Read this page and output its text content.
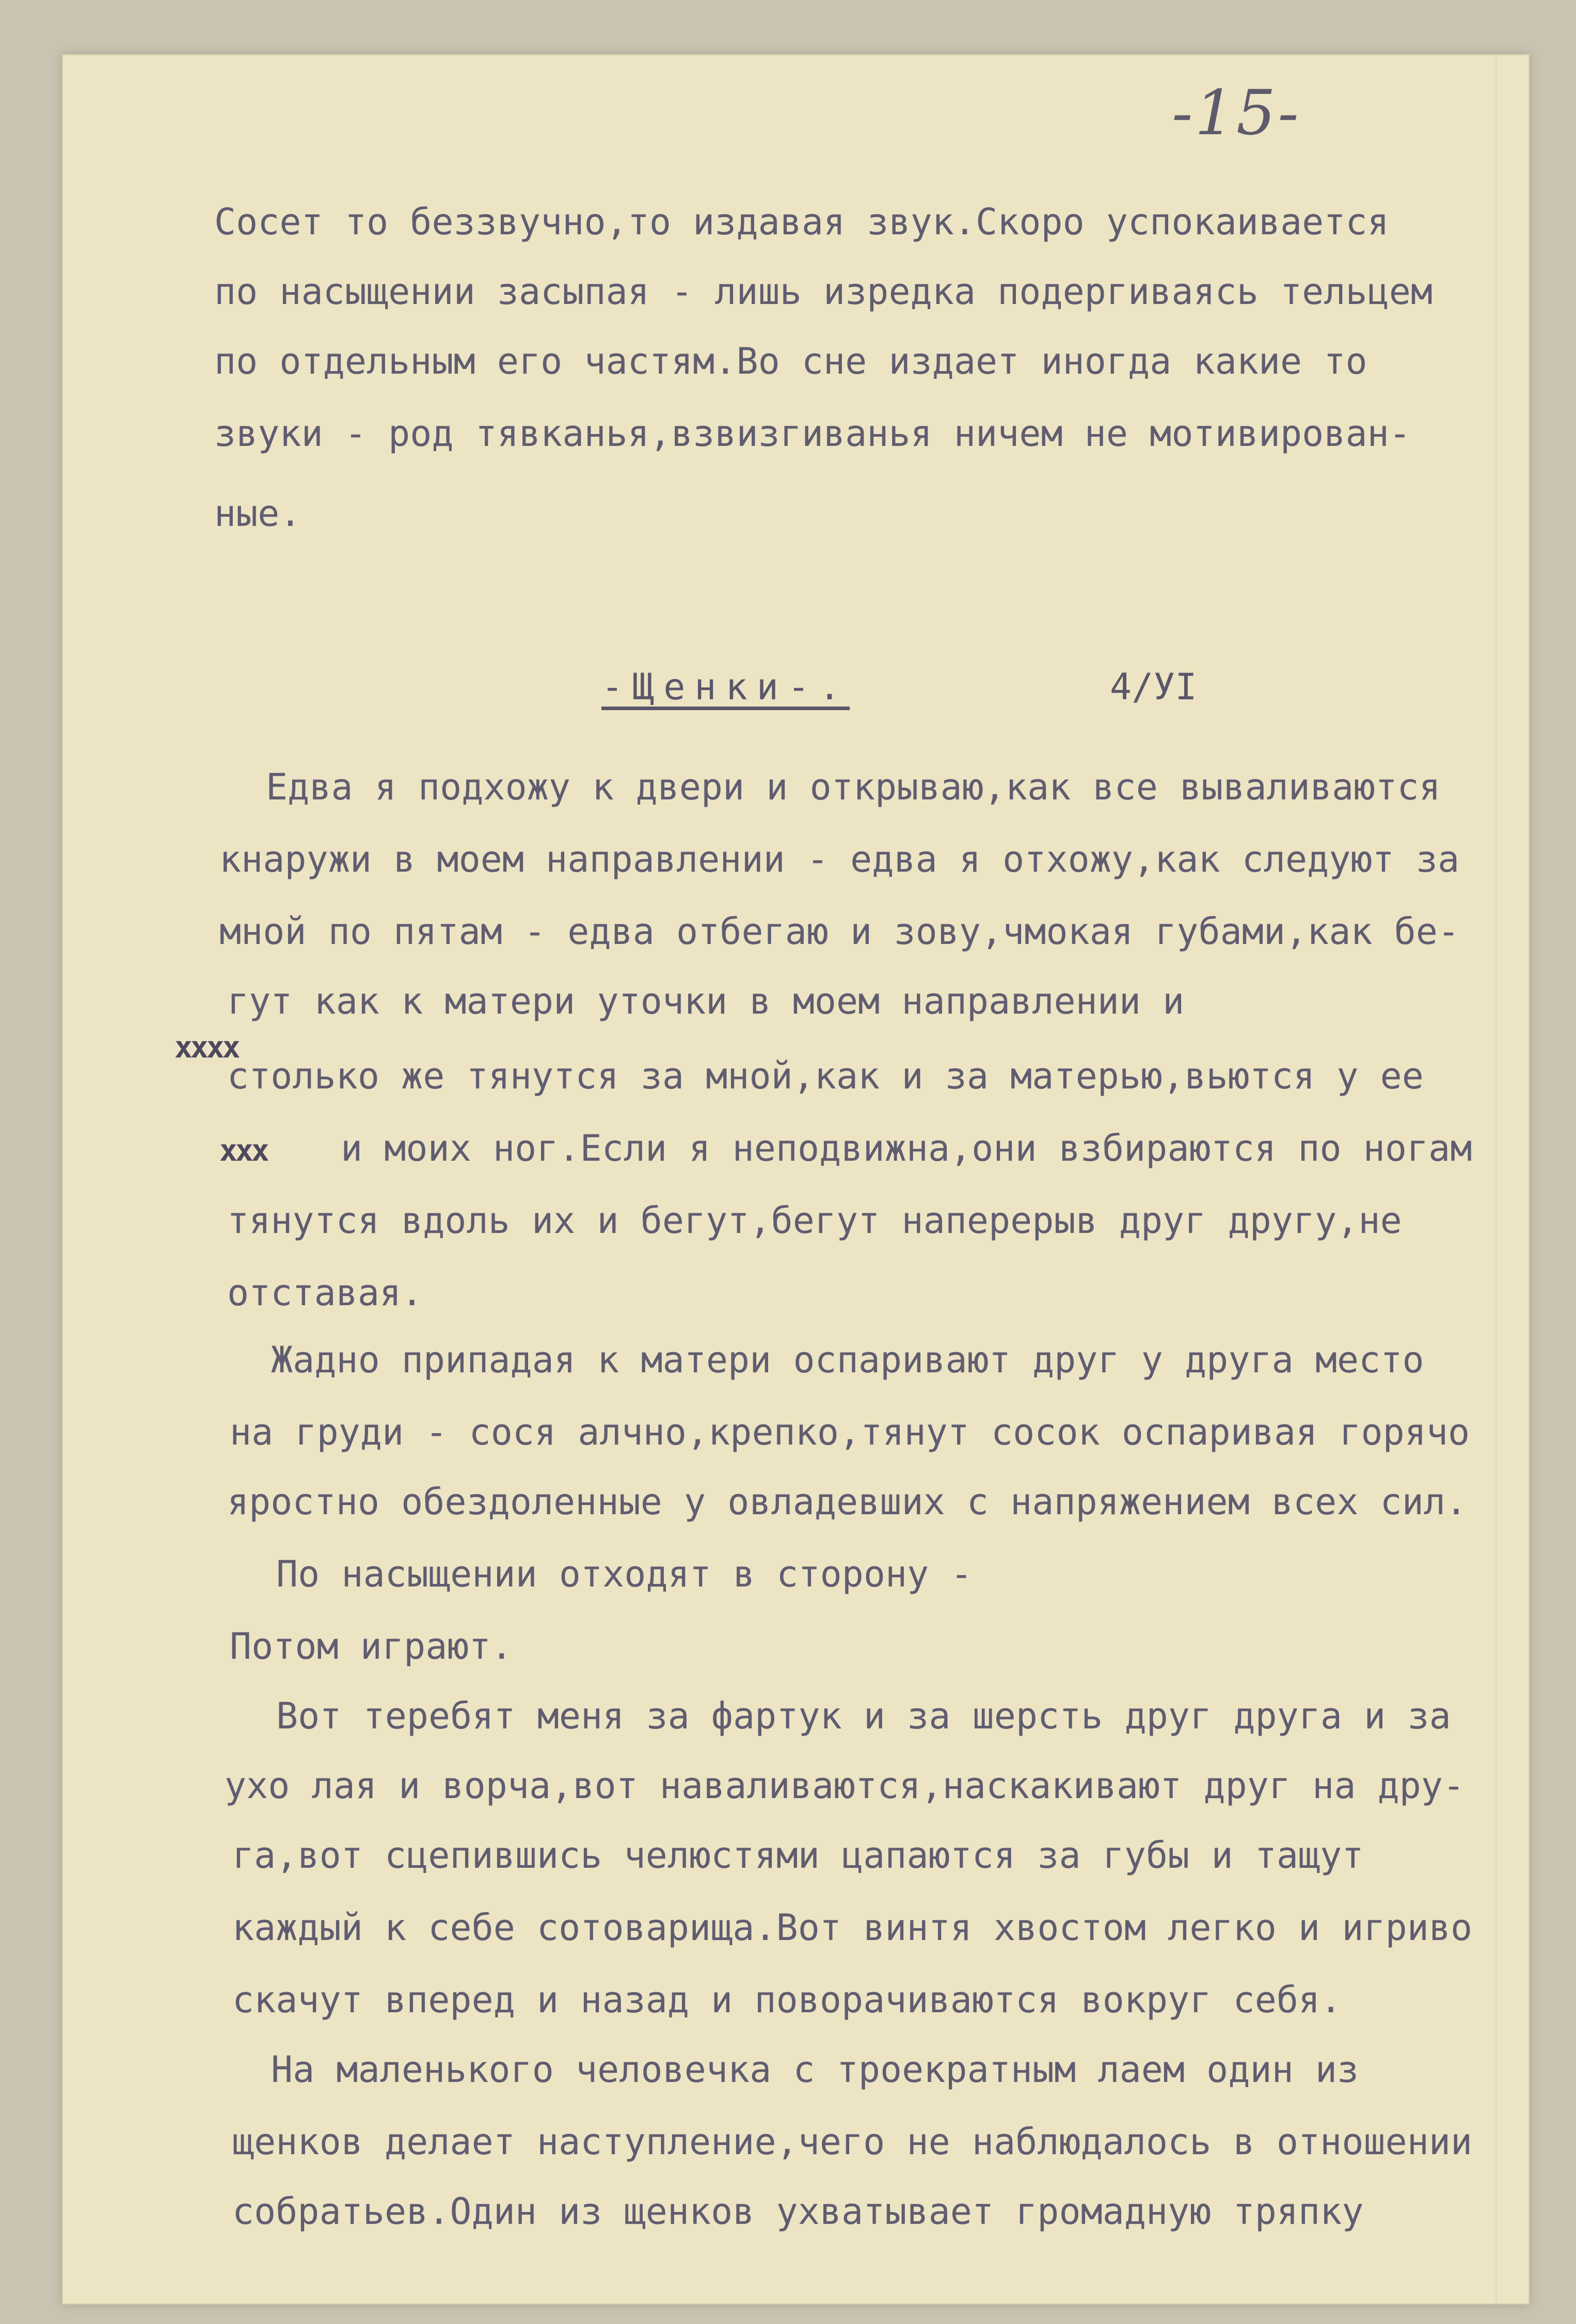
-15-
Сосет то беззвучно,то издавая звук.Скоро успокаивается
по насыщении засыпая - лишь изредка подергиваясь тельцем
по отдельным его частям.Во сне издает иногда какие то
звуки - род тявканья,взвизгиванья ничем не мотивирован-
ные.
-Щенки-.	4/УI
Едва я подхожу к двери и открываю,как все вываливаются
кнаружи в моем направлении - едва я отхожу,как следуют за
мной по пятам - едва отбегаю и зову,чмокая губами,как бе-
гут как к матери уточки в моем направлении и
хххх
столько же тянутся за мной,как и за матерью,вьются у ее
ххх и моих ног.Если я неподвижна,они взбираются по ногам
тянутся вдоль их и бегут,бегут наперерыв друг другу,не
отставая.
Жадно припадая к матери оспаривают друг у друга место
на груди - сося алчно,крепко,тянут сосок оспаривая горячо
яростно обездоленные у овладевших с напряжением всех сил.
По насыщении отходят в сторону -
Потом играют.
Вот теребят меня за фартук и за шерсть друг друга и за
ухо лая и ворча,вот наваливаются,наскакивают друг на дру-
га,вот сцепившись челюстями цапаются за губы и тащут
каждый к себе сотоварища.Вот винтя хвостом легко и игриво
скачут вперед и назад и поворачиваются вокруг себя.
На маленького человечка с троекратным лаем один из
щенков делает наступление,чего не наблюдалось в отношении
собратьев.Один из щенков ухватывает громадную тряпку
